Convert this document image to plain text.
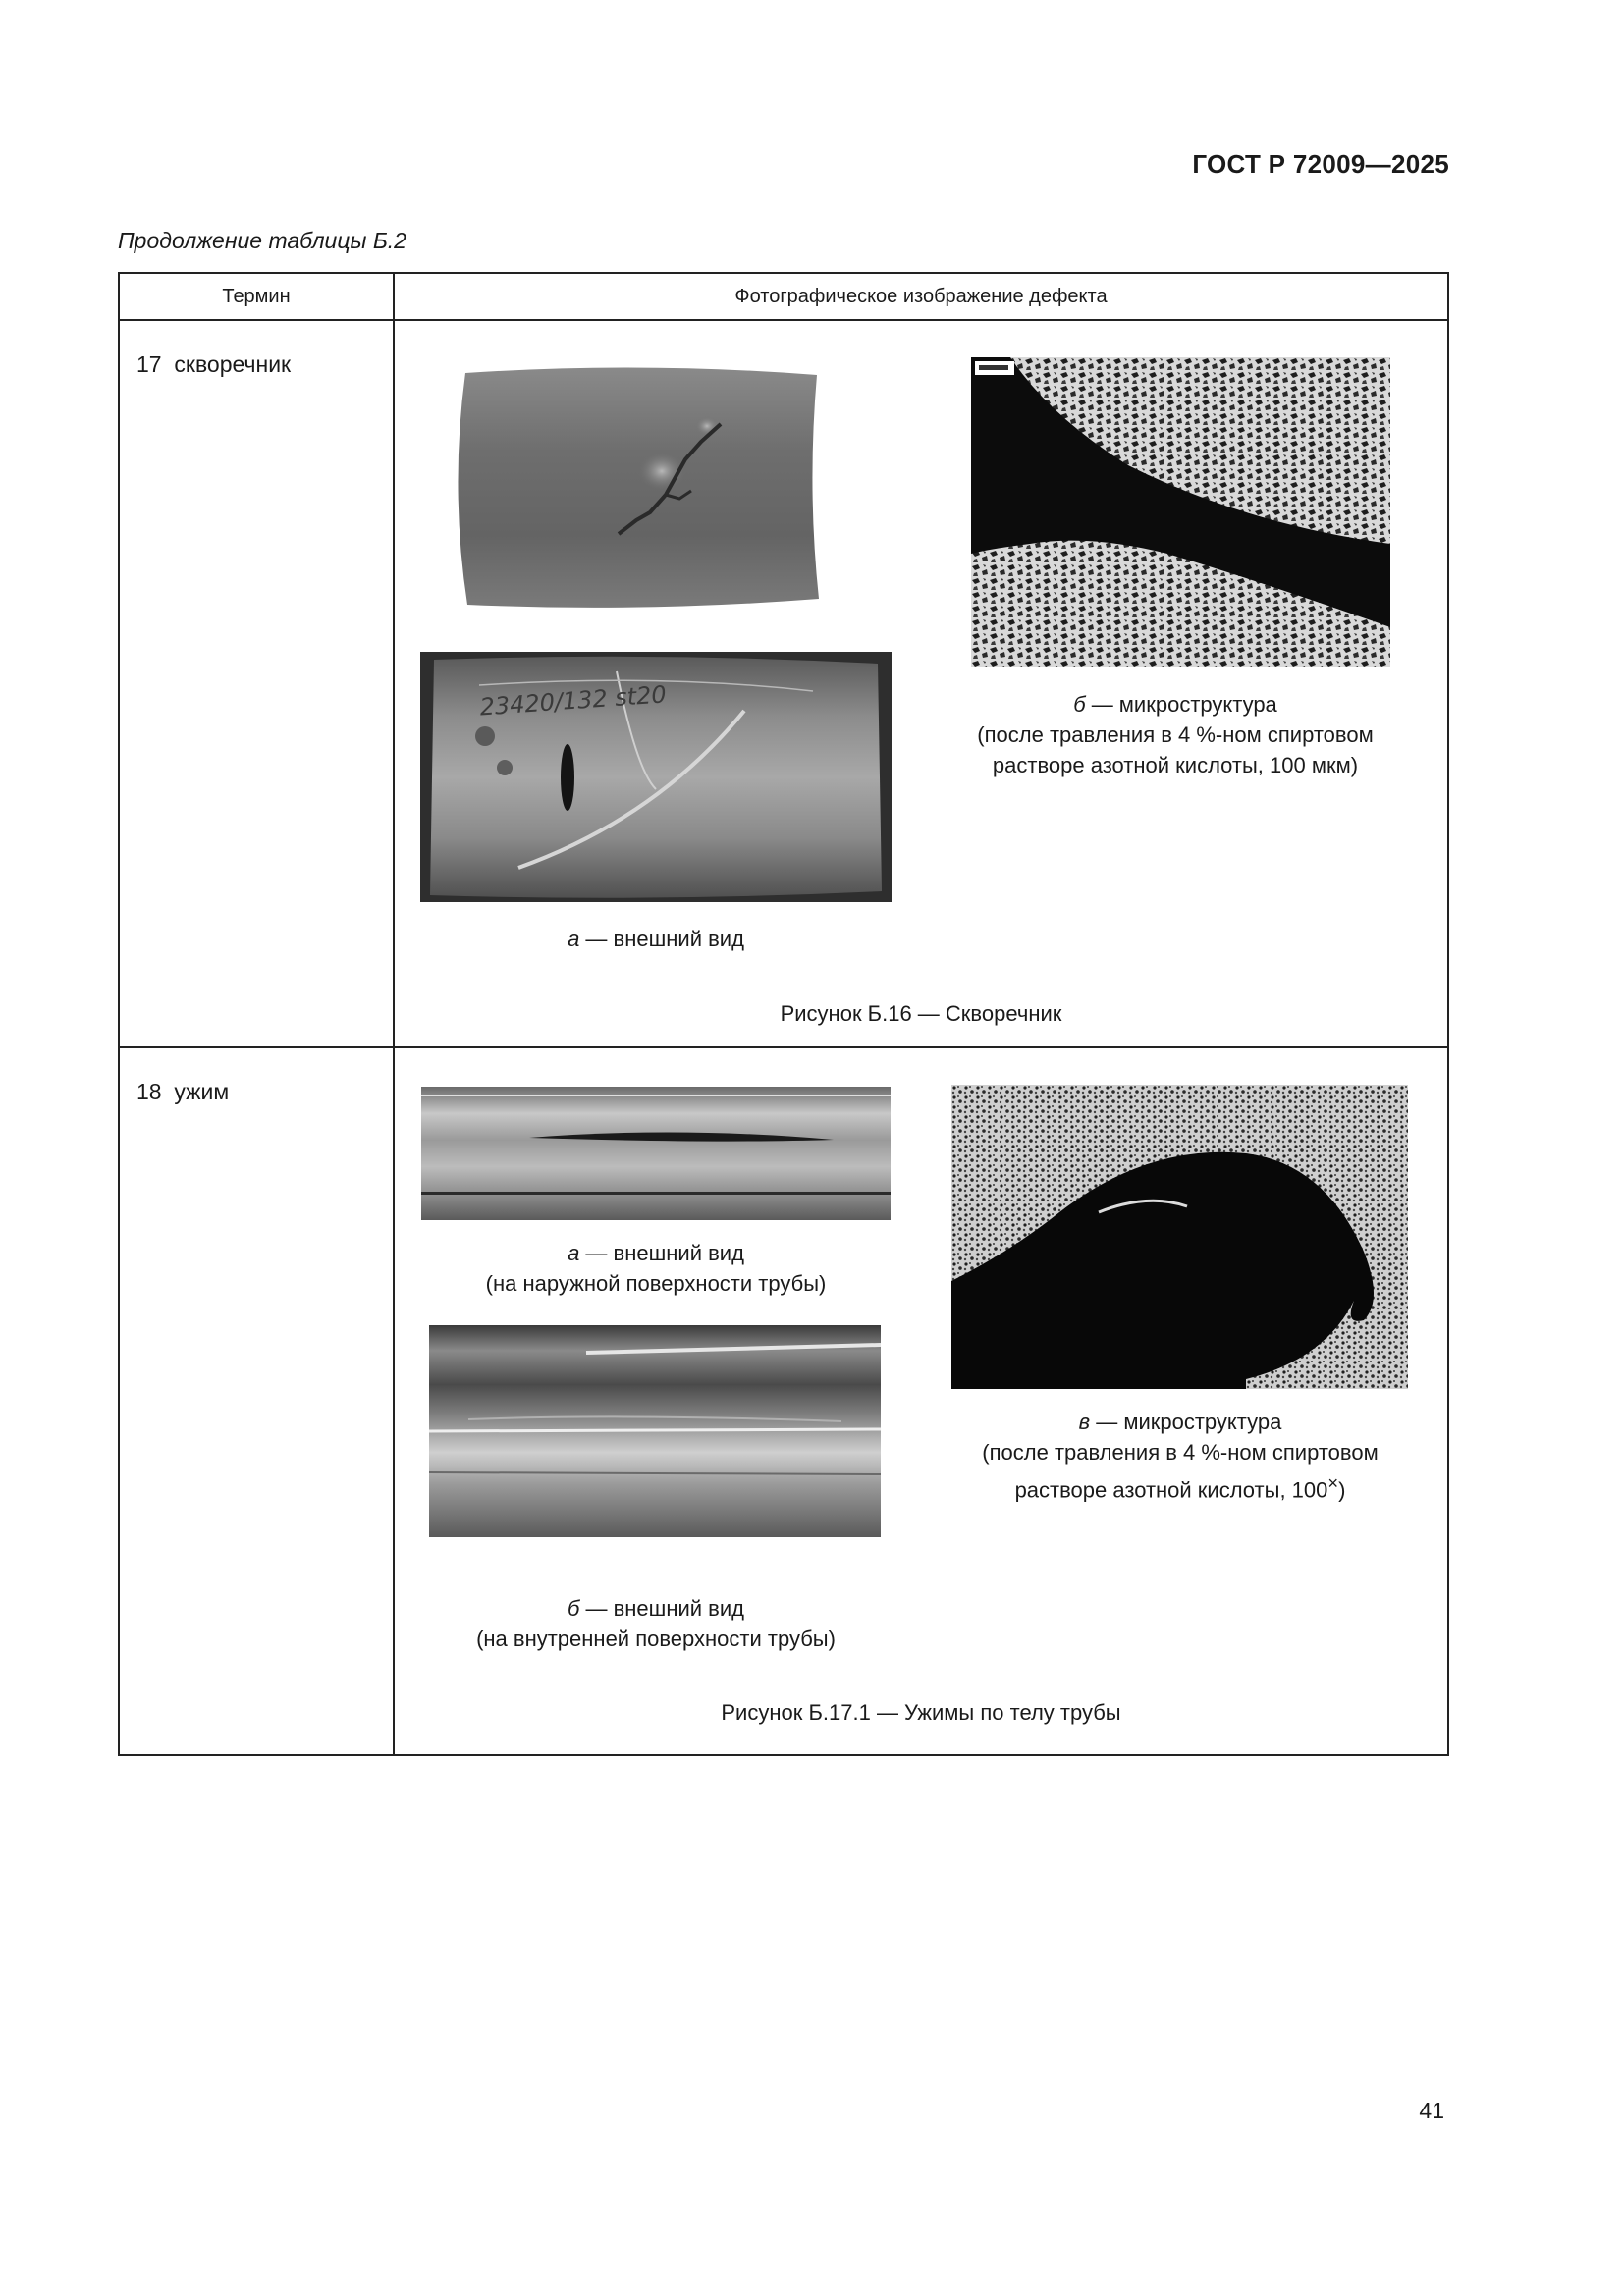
ГОСТ Р 72009—2025
Продолжение таблицы Б.2
Термин	Фотографическое изображение дефекта
17 скворечник
23420/132 st20
а — внешний вид
б — микроструктура
(после травления в 4 %-ном спиртовом
растворе азотной кислоты, 100 мкм)
Рисунок Б.16 — Скворечник
18 ужим
а — внешний вид
(на наружной поверхности трубы)
б — внешний вид
(на внутренней поверхности трубы)
в — микроструктура
(после травления в 4 %-ном спиртовом
растворе азотной кислоты, 100×)
Рисунок Б.17.1 — Ужимы по телу трубы
41
